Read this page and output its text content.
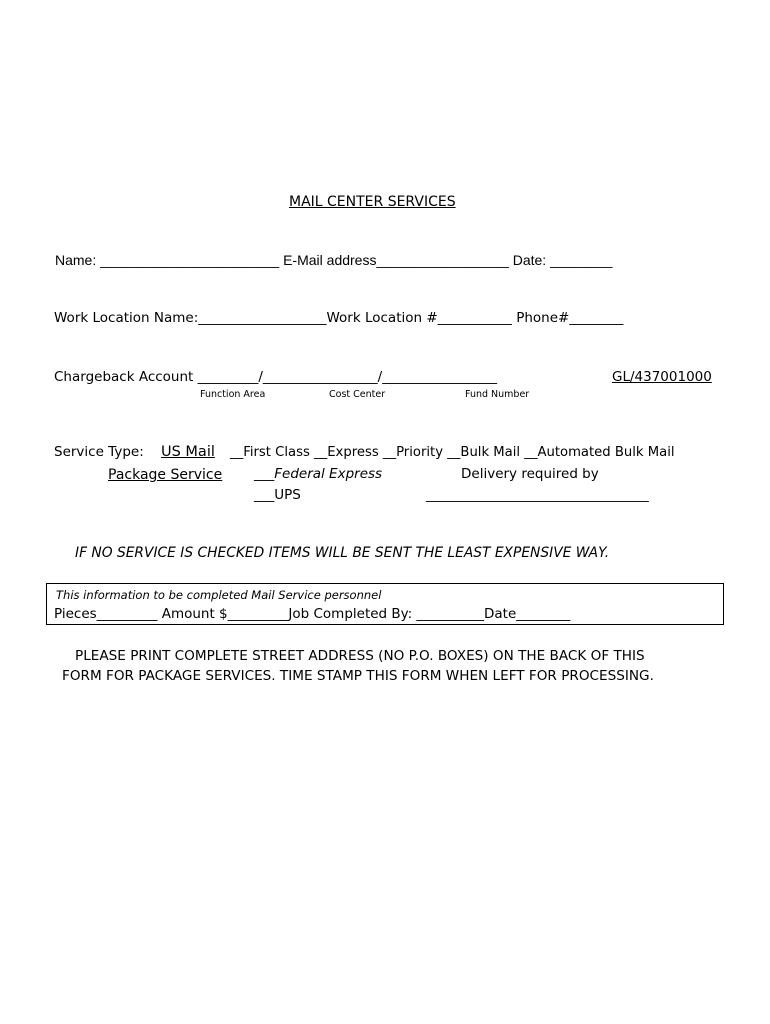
MAIL CENTER SERVICES
Name: _______________________ E-Mail address_________________ Date: ________
Work Location Name:___________________Work Location #___________ Phone#________
Chargeback Account _________/_________________/_________________	GL/437001000
Function Area	Cost Center	Fund Number
Service Type: US Mail __First Class __Express __Priority __Bulk Mail __Automated Bulk Mail
Package Service ___Federal Express	Delivery required by
___UPS	_________________________________
IF NO SERVICE IS CHECKED ITEMS WILL BE SENT THE LEAST EXPENSIVE WAY.
This information to be completed Mail Service personnel
Pieces_________ Amount $_________Job Completed By: __________Date________
PLEASE PRINT COMPLETE STREET ADDRESS (NO P.O. BOXES) ON THE BACK OF THIS
FORM FOR PACKAGE SERVICES. TIME STAMP THIS FORM WHEN LEFT FOR PROCESSING.
